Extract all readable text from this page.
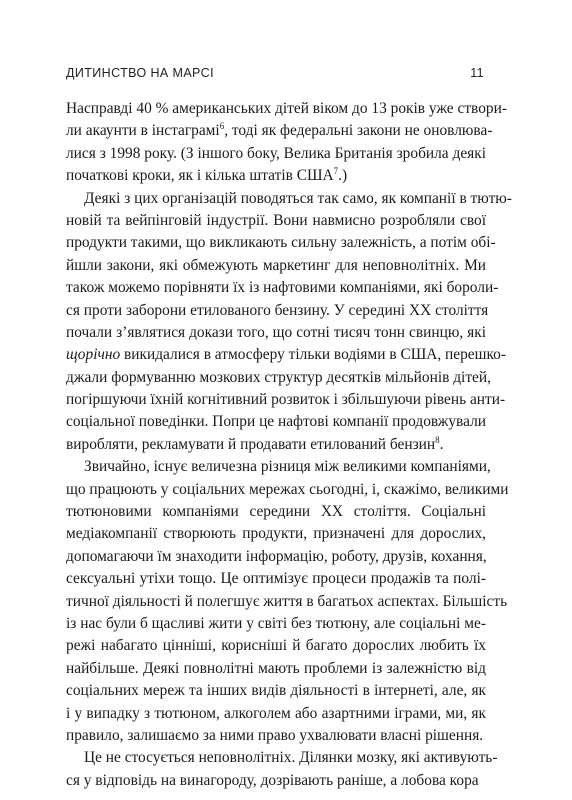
ДИТИНСТВО НА МАРСІ	11
Насправді 40 % американських дітей віком до 13 років уже створи-
ли акаунти в інстаграмі$^6$, тоді як федеральні закони не оновлюва-
лися з 1998 року. (З іншого боку, Велика Британія зробила деякі
початкові кроки, як і кілька штатів США$^7$.)
Деякі з цих організацій поводяться так само, як компанії в тютю-
новій та вейпінговій індустрії. Вони навмисно розробляли свої
продукти такими, що викликають сильну залежність, а потім обі-
йшли закони, які обмежують маркетинг для неповнолітніх. Ми
також можемо порівняти їх із нафтовими компаніями, які бороли-
ся проти заборони етилованого бензину. У середині XX століття
почали з’являтися докази того, що сотні тисяч тонн свинцю, які
щорічно викидалися в атмосферу тільки водіями в США, перешко-
джали формуванню мозкових структур десятків мільйонів дітей,
погіршуючи їхній когнітивний розвиток і збільшуючи рівень анти-
соціальної поведінки. Попри це нафтові компанії продовжували
виробляти, рекламувати й продавати етилований бензин$^8$.
Звичайно, існує величезна різниця між великими компаніями,
що працюють у соціальних мережах сьогодні, і, скажімо, великими
тютюновими компаніями середини XX століття. Соціальні
медіакомпанії створюють продукти, призначені для дорослих,
допомагаючи їм знаходити інформацію, роботу, друзів, кохання,
сексуальні утіхи тощо. Це оптимізує процеси продажів та полі-
тичної діяльності й полегшує життя в багатьох аспектах. Більшість
із нас були б щасливі жити у світі без тютюну, але соціальні ме-
режі набагато цінніші, корисніші й багато дорослих любить їх
найбільше. Деякі повнолітні мають проблеми із залежністю від
соціальних мереж та інших видів діяльності в інтернеті, але, як
і у випадку з тютюном, алкоголем або азартними іграми, ми, як
правило, залишаємо за ними право ухвалювати власні рішення.
Це не стосується неповнолітніх. Ділянки мозку, які активують-
ся у відповідь на винагороду, дозрівають раніше, а лобова кора
